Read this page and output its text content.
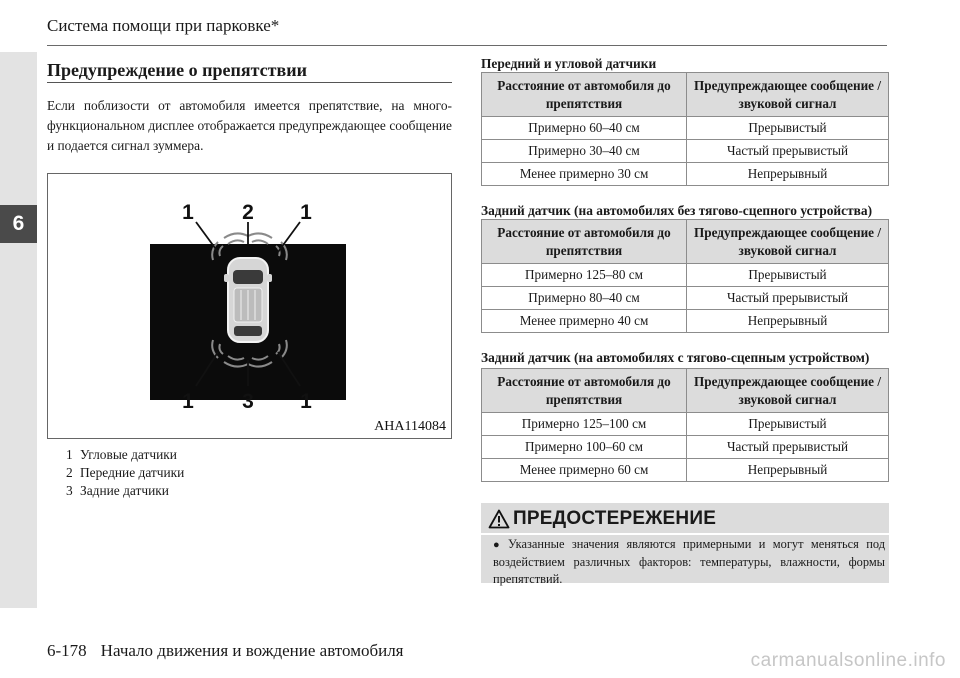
6
Система помощи при парковке*
Предупреждение о препятствии

Если поблизости от автомобиля имеется препятствие, на много-функциональном дисплее отображается предупреждающее сообщение и подается сигнал зуммера.

1 2 1
1 3 1
AHA114084
1 Угловые датчики
2 Передние датчики
3 Задние датчики
Передний и угловой датчики
Расстояние от автомобиля до препятствия	Предупреждающее сообщение / звуковой сигнал
Примерно 60–40 см	Прерывистый
Примерно 30–40 см	Частый прерывистый
Менее примерно 30 см	Непрерывный
Задний датчик (на автомобилях без тягово-сцепного устройства)
Расстояние от автомобиля до препятствия	Предупреждающее сообщение / звуковой сигнал
Примерно 125–80 см	Прерывистый
Примерно 80–40 см	Частый прерывистый
Менее примерно 40 см	Непрерывный
Задний датчик (на автомобилях с тягово-сцепным устройством)
Расстояние от автомобиля до препятствия	Предупреждающее сообщение / звуковой сигнал
Примерно 125–100 см	Прерывистый
Примерно 100–60 см	Частый прерывистый
Менее примерно 60 см	Непрерывный
ПРЕДОСТЕРЕЖЕНИЕ
● Указанные значения являются примерными и могут меняться под воздействием различных факторов: температуры, влажности, формы препятствий.
6-178 Начало движения и вождение автомобиля	carmanualsonline.info
